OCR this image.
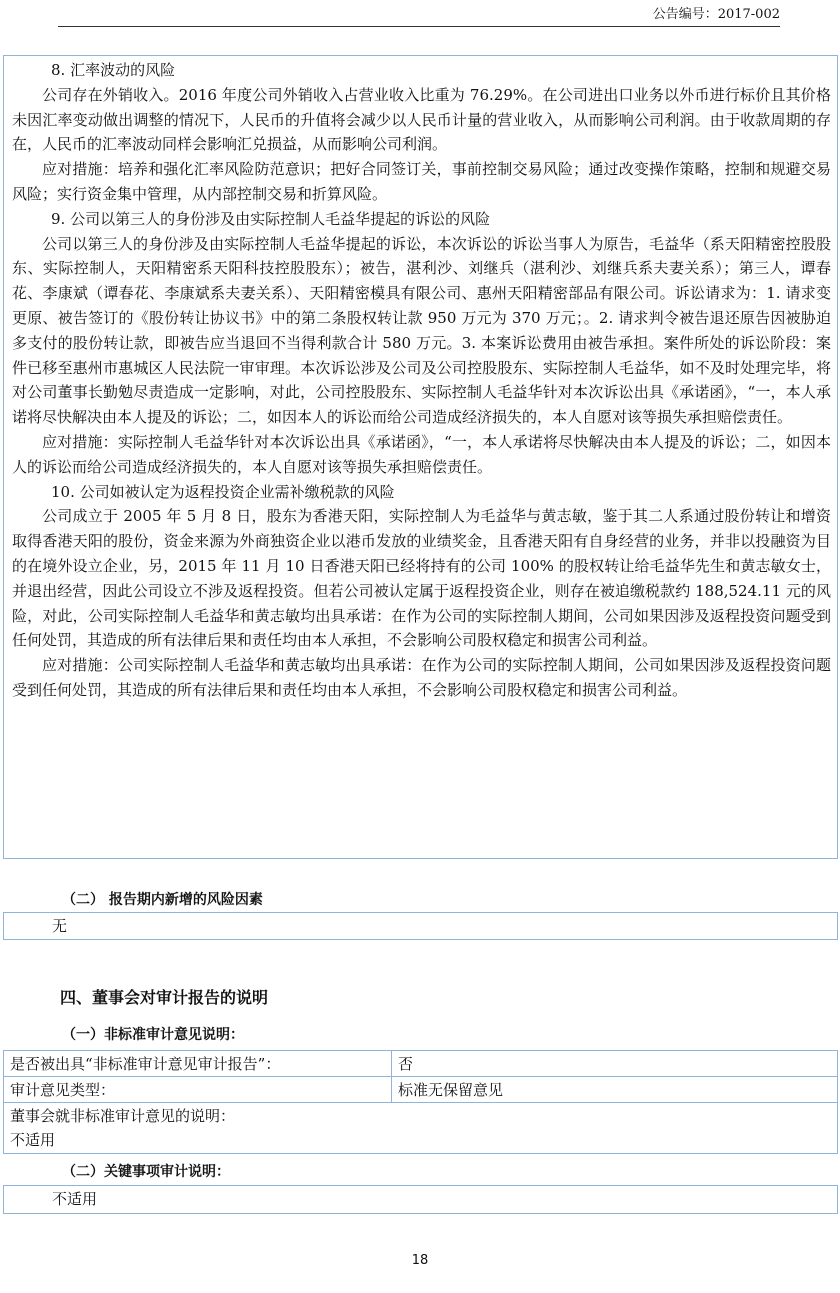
公告编号：2017-002

8. 汇率波动的风险

公司存在外销收入。2016 年度公司外销收入占营业收入比重为 76.29%。在公司进出口业务以外币进行标价且其价格未因汇率变动做出调整的情况下，人民币的升值将会减少以人民币计量的营业收入，从而影响公司利润。由于收款周期的存在，人民币的汇率波动同样会影响汇兑损益，从而影响公司利润。

应对措施：培养和强化汇率风险防范意识；把好合同签订关，事前控制交易风险；通过改变操作策略，控制和规避交易风险；实行资金集中管理，从内部控制交易和折算风险。

9. 公司以第三人的身份涉及由实际控制人毛益华提起的诉讼的风险

公司以第三人的身份涉及由实际控制人毛益华提起的诉讼，本次诉讼的诉讼当事人为原告，毛益华（系天阳精密控股股东、实际控制人，天阳精密系天阳科技控股股东）；被告，湛利沙、刘继兵（湛利沙、刘继兵系夫妻关系）；第三人，谭春花、李康斌（谭春花、李康斌系夫妻关系）、天阳精密模具有限公司、惠州天阳精密部品有限公司。诉讼请求为：1. 请求变更原、被告签订的《股份转让协议书》中的第二条股权转让款 950 万元为 370 万元；。2. 请求判令被告退还原告因被胁迫多支付的股份转让款，即被告应当退回不当得利款合计 580 万元。3. 本案诉讼费用由被告承担。案件所处的诉讼阶段：案件已移至惠州市惠城区人民法院一审审理。本次诉讼涉及公司及公司控股股东、实际控制人毛益华，如不及时处理完毕，将对公司董事长勤勉尽责造成一定影响，对此，公司控股股东、实际控制人毛益华针对本次诉讼出具《承诺函》，“一，本人承诺将尽快解决由本人提及的诉讼；二，如因本人的诉讼而给公司造成经济损失的，本人自愿对该等损失承担赔偿责任。

应对措施：实际控制人毛益华针对本次诉讼出具《承诺函》，“一，本人承诺将尽快解决由本人提及的诉讼；二，如因本人的诉讼而给公司造成经济损失的，本人自愿对该等损失承担赔偿责任。

10. 公司如被认定为返程投资企业需补缴税款的风险

公司成立于 2005 年 5 月 8 日，股东为香港天阳，实际控制人为毛益华与黄志敏，鉴于其二人系通过股份转让和增资取得香港天阳的股份，资金来源为外商独资企业以港币发放的业绩奖金，且香港天阳有自身经营的业务，并非以投融资为目的在境外设立企业，另，2015 年 11 月 10 日香港天阳已经将持有的公司 100% 的股权转让给毛益华先生和黄志敏女士，并退出经营，因此公司设立不涉及返程投资。但若公司被认定属于返程投资企业，则存在被追缴税款约 188,524.11 元的风险，对此，公司实际控制人毛益华和黄志敏均出具承诺：在作为公司的实际控制人期间，公司如果因涉及返程投资问题受到任何处罚，其造成的所有法律后果和责任均由本人承担，不会影响公司股权稳定和损害公司利益。

应对措施：公司实际控制人毛益华和黄志敏均出具承诺：在作为公司的实际控制人期间，公司如果因涉及返程投资问题受到任何处罚，其造成的所有法律后果和责任均由本人承担，不会影响公司股权稳定和损害公司利益。

（二） 报告期内新增的风险因素
无
四、董事会对审计报告的说明
（一）非标准审计意见说明：
是否被出具“非标准审计意见审计报告”：	否
审计意见类型：	标准无保留意见

董事会就非标准审计意见的说明：
不适用	
（二）关键事项审计说明：
不适用
18
